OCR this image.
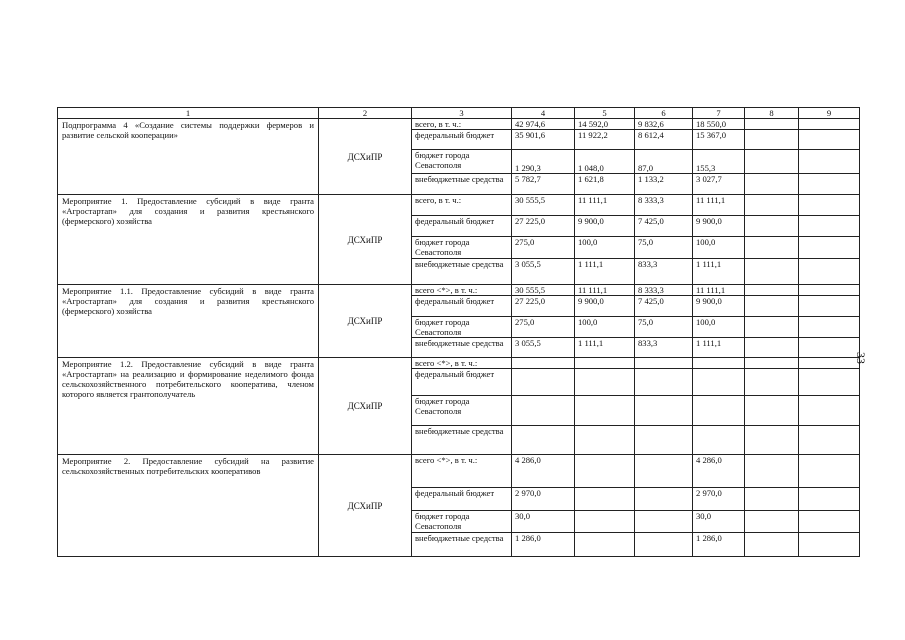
1	2	3	4	5	6	7	8	9
Подпрограмма 4 «Создание системы поддержки фермеров и развитие сельской кооперации»	ДСХиПР	всего, в т. ч.:	42 974,6	14 592,0	9 832,6	18 550,0		
		федеральный бюджет	35 901,6	11 922,2	8 612,4	15 367,0		
		бюджет города Севастополя	1 290,3	1 048,0	87,0	155,3		
		внебюджетные средства	5 782,7	1 621,8	1 133,2	3 027,7		
Мероприятие 1. Предоставление субсидий в виде гранта «Агростартап» для создания и развития крестьянского (фермерского) хозяйства	ДСХиПР	всего, в т. ч.:	30 555,5	11 111,1	8 333,3	11 111,1		
		федеральный бюджет	27 225,0	9 900,0	7 425,0	9 900,0		
		бюджет города Севастополя	275,0	100,0	75,0	100,0		
		внебюджетные средства	3 055,5	1 111,1	833,3	1 111,1		
Мероприятие 1.1. Предоставление субсидий в виде гранта «Агростартап» для создания и развития крестьянского (фермерского) хозяйства	ДСХиПР	всего <*>, в т. ч.:	30 555,5	11 111,1	8 333,3	11 111,1		
		федеральный бюджет	27 225,0	9 900,0	7 425,0	9 900,0		
		бюджет города Севастополя	275,0	100,0	75,0	100,0		
		внебюджетные средства	3 055,5	1 111,1	833,3	1 111,1		
Мероприятие 1.2. Предоставление субсидий в виде гранта «Агростартап» на реализацию и формирование неделимого фонда сельскохозяйственного потребительского кооператива, членом которого является грантополучатель	ДСХиПР	всего <*>, в т. ч.:						
		федеральный бюджет						
		бюджет города Севастополя						
		внебюджетные средства						
Мероприятие 2. Предоставление субсидий на развитие сельскохозяйственных потребительских кооперативов	ДСХиПР	всего <*>, в т. ч.:	4 286,0			4 286,0		
		федеральный бюджет	2 970,0			2 970,0		
		бюджет города Севастополя	30,0			30,0		
		внебюджетные средства	1 286,0			1 286,0		
33
